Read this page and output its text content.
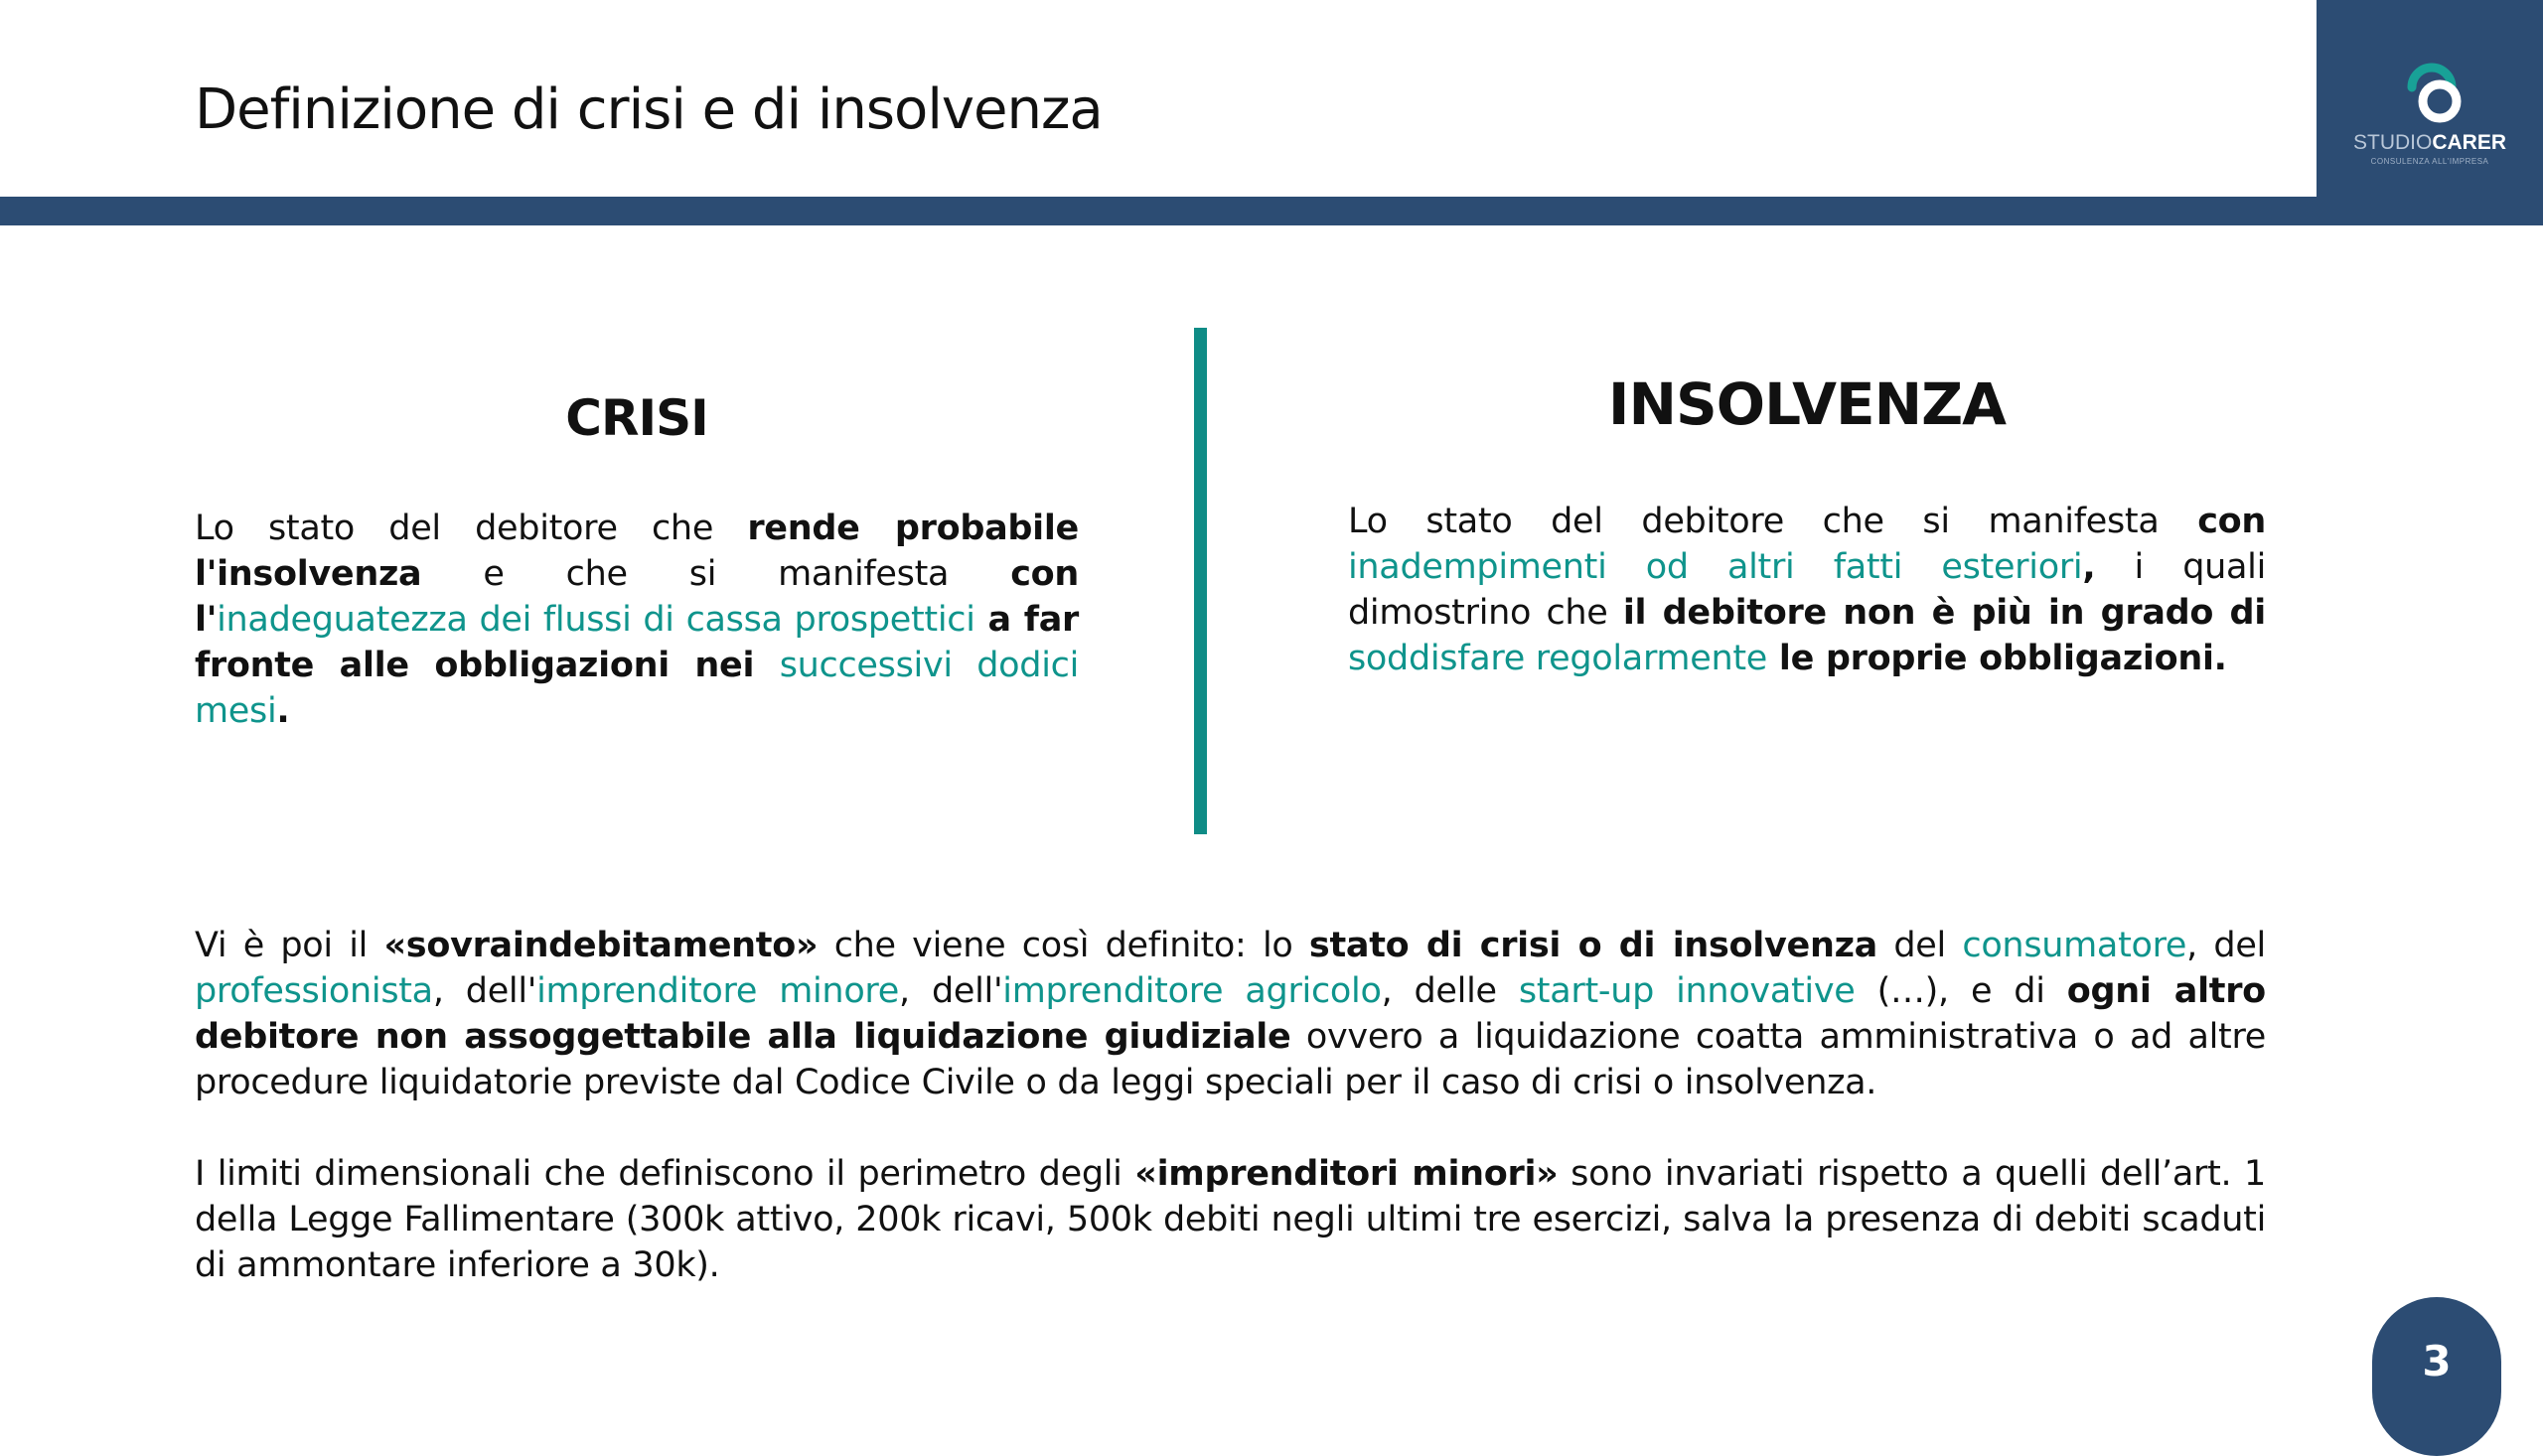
Definizione di crisi e di insolvenza
STUDIOCARER
CONSULENZA ALL'IMPRESA
CRISI

Lo stato del debitore che rende probabile l'insolvenza e che si manifesta con l'inadeguatezza dei flussi di cassa prospettici a far fronte alle obbligazioni nei successivi dodici mesi.

INSOLVENZA

Lo stato del debitore che si manifesta con inadempimenti od altri fatti esteriori, i quali dimostrino che il debitore non è più in grado di soddisfare regolarmente le proprie obbligazioni.

Vi è poi il «sovraindebitamento» che viene così definito: lo stato di crisi o di insolvenza del consumatore, del professionista, dell'imprenditore minore, dell'imprenditore agricolo, delle start-up innovative (…), e di ogni altro debitore non assoggettabile alla liquidazione giudiziale ovvero a liquidazione coatta amministrativa o ad altre procedure liquidatorie previste dal Codice Civile o da leggi speciali per il caso di crisi o insolvenza.

I limiti dimensionali che definiscono il perimetro degli «imprenditori minori» sono invariati rispetto a quelli dell’art. 1 della Legge Fallimentare (300k attivo, 200k ricavi, 500k debiti negli ultimi tre esercizi, salva la presenza di debiti scaduti di ammontare inferiore a 30k).

3
